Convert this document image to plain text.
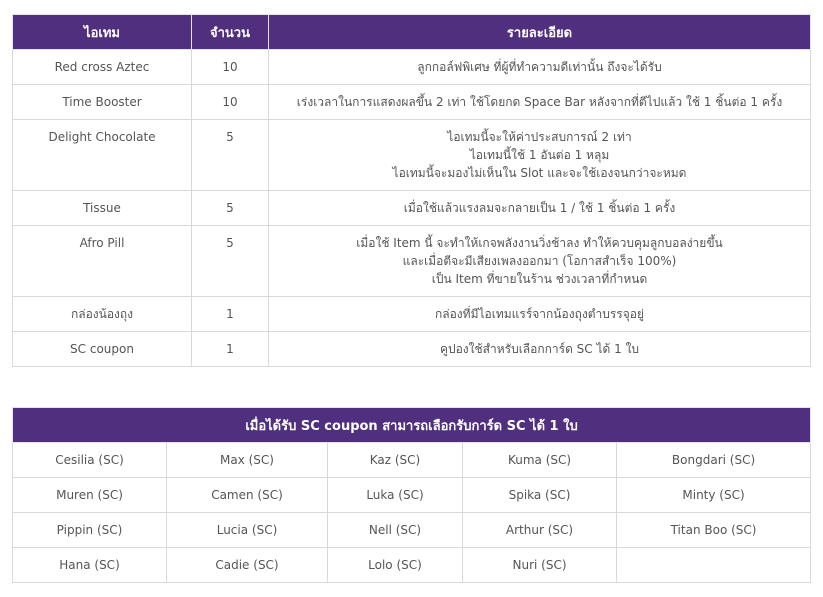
ไอเทม	จำนวน	รายละเอียด
Red cross Aztec	10	ลูกกอล์ฟพิเศษ ที่ผู้ที่ทำความดีเท่านั้น ถึงจะได้รับ

Time Booster	10	เร่งเวลาในการแสดงผลขึ้น 2 เท่า ใช้โดยกด Space Bar หลังจากที่ตีไปแล้ว ใช้ 1 ชิ้นต่อ 1 ครั้ง

Delight Chocolate	5	ไอเทมนี้จะให้ค่าประสบการณ์ 2 เท่า
ไอเทมนี้ใช้ 1 อันต่อ 1 หลุม
ไอเทมนี้จะมองไม่เห็นใน Slot และจะใช้เองจนกว่าจะหมด

Tissue	5	เมื่อใช้แล้วแรงลมจะกลายเป็น 1 / ใช้ 1 ชิ้นต่อ 1 ครั้ง

Afro Pill	5	เมื่อใช้ Item นี้ จะทำให้เกจพลังงานวิ่งช้าลง ทำให้ควบคุมลูกบอลง่ายขึ้น
และเมื่อตีจะมีเสียงเพลงออกมา (โอกาสสำเร็จ 100%)
เป็น Item ที่ขายในร้าน ช่วงเวลาที่กำหนด

กล่องน้องถุง	1	กล่องที่มีไอเทมแรร์จากน้องถุงตำบรรจุอยู่

SC coupon	1	คูปองใช้สำหรับเลือกการ์ด SC ได้ 1 ใบ
เมื่อได้รับ SC coupon สามารถเลือกรับการ์ด SC ได้ 1 ใบ				
Cesilia (SC)	Max (SC)	Kaz (SC)	Kuma (SC)	Bongdari (SC)
Muren (SC)	Camen (SC)	Luka (SC)	Spika (SC)	Minty (SC)
Pippin (SC)	Lucia (SC)	Nell (SC)	Arthur (SC)	Titan Boo (SC)
Hana (SC)	Cadie (SC)	Lolo (SC)	Nuri (SC)	
